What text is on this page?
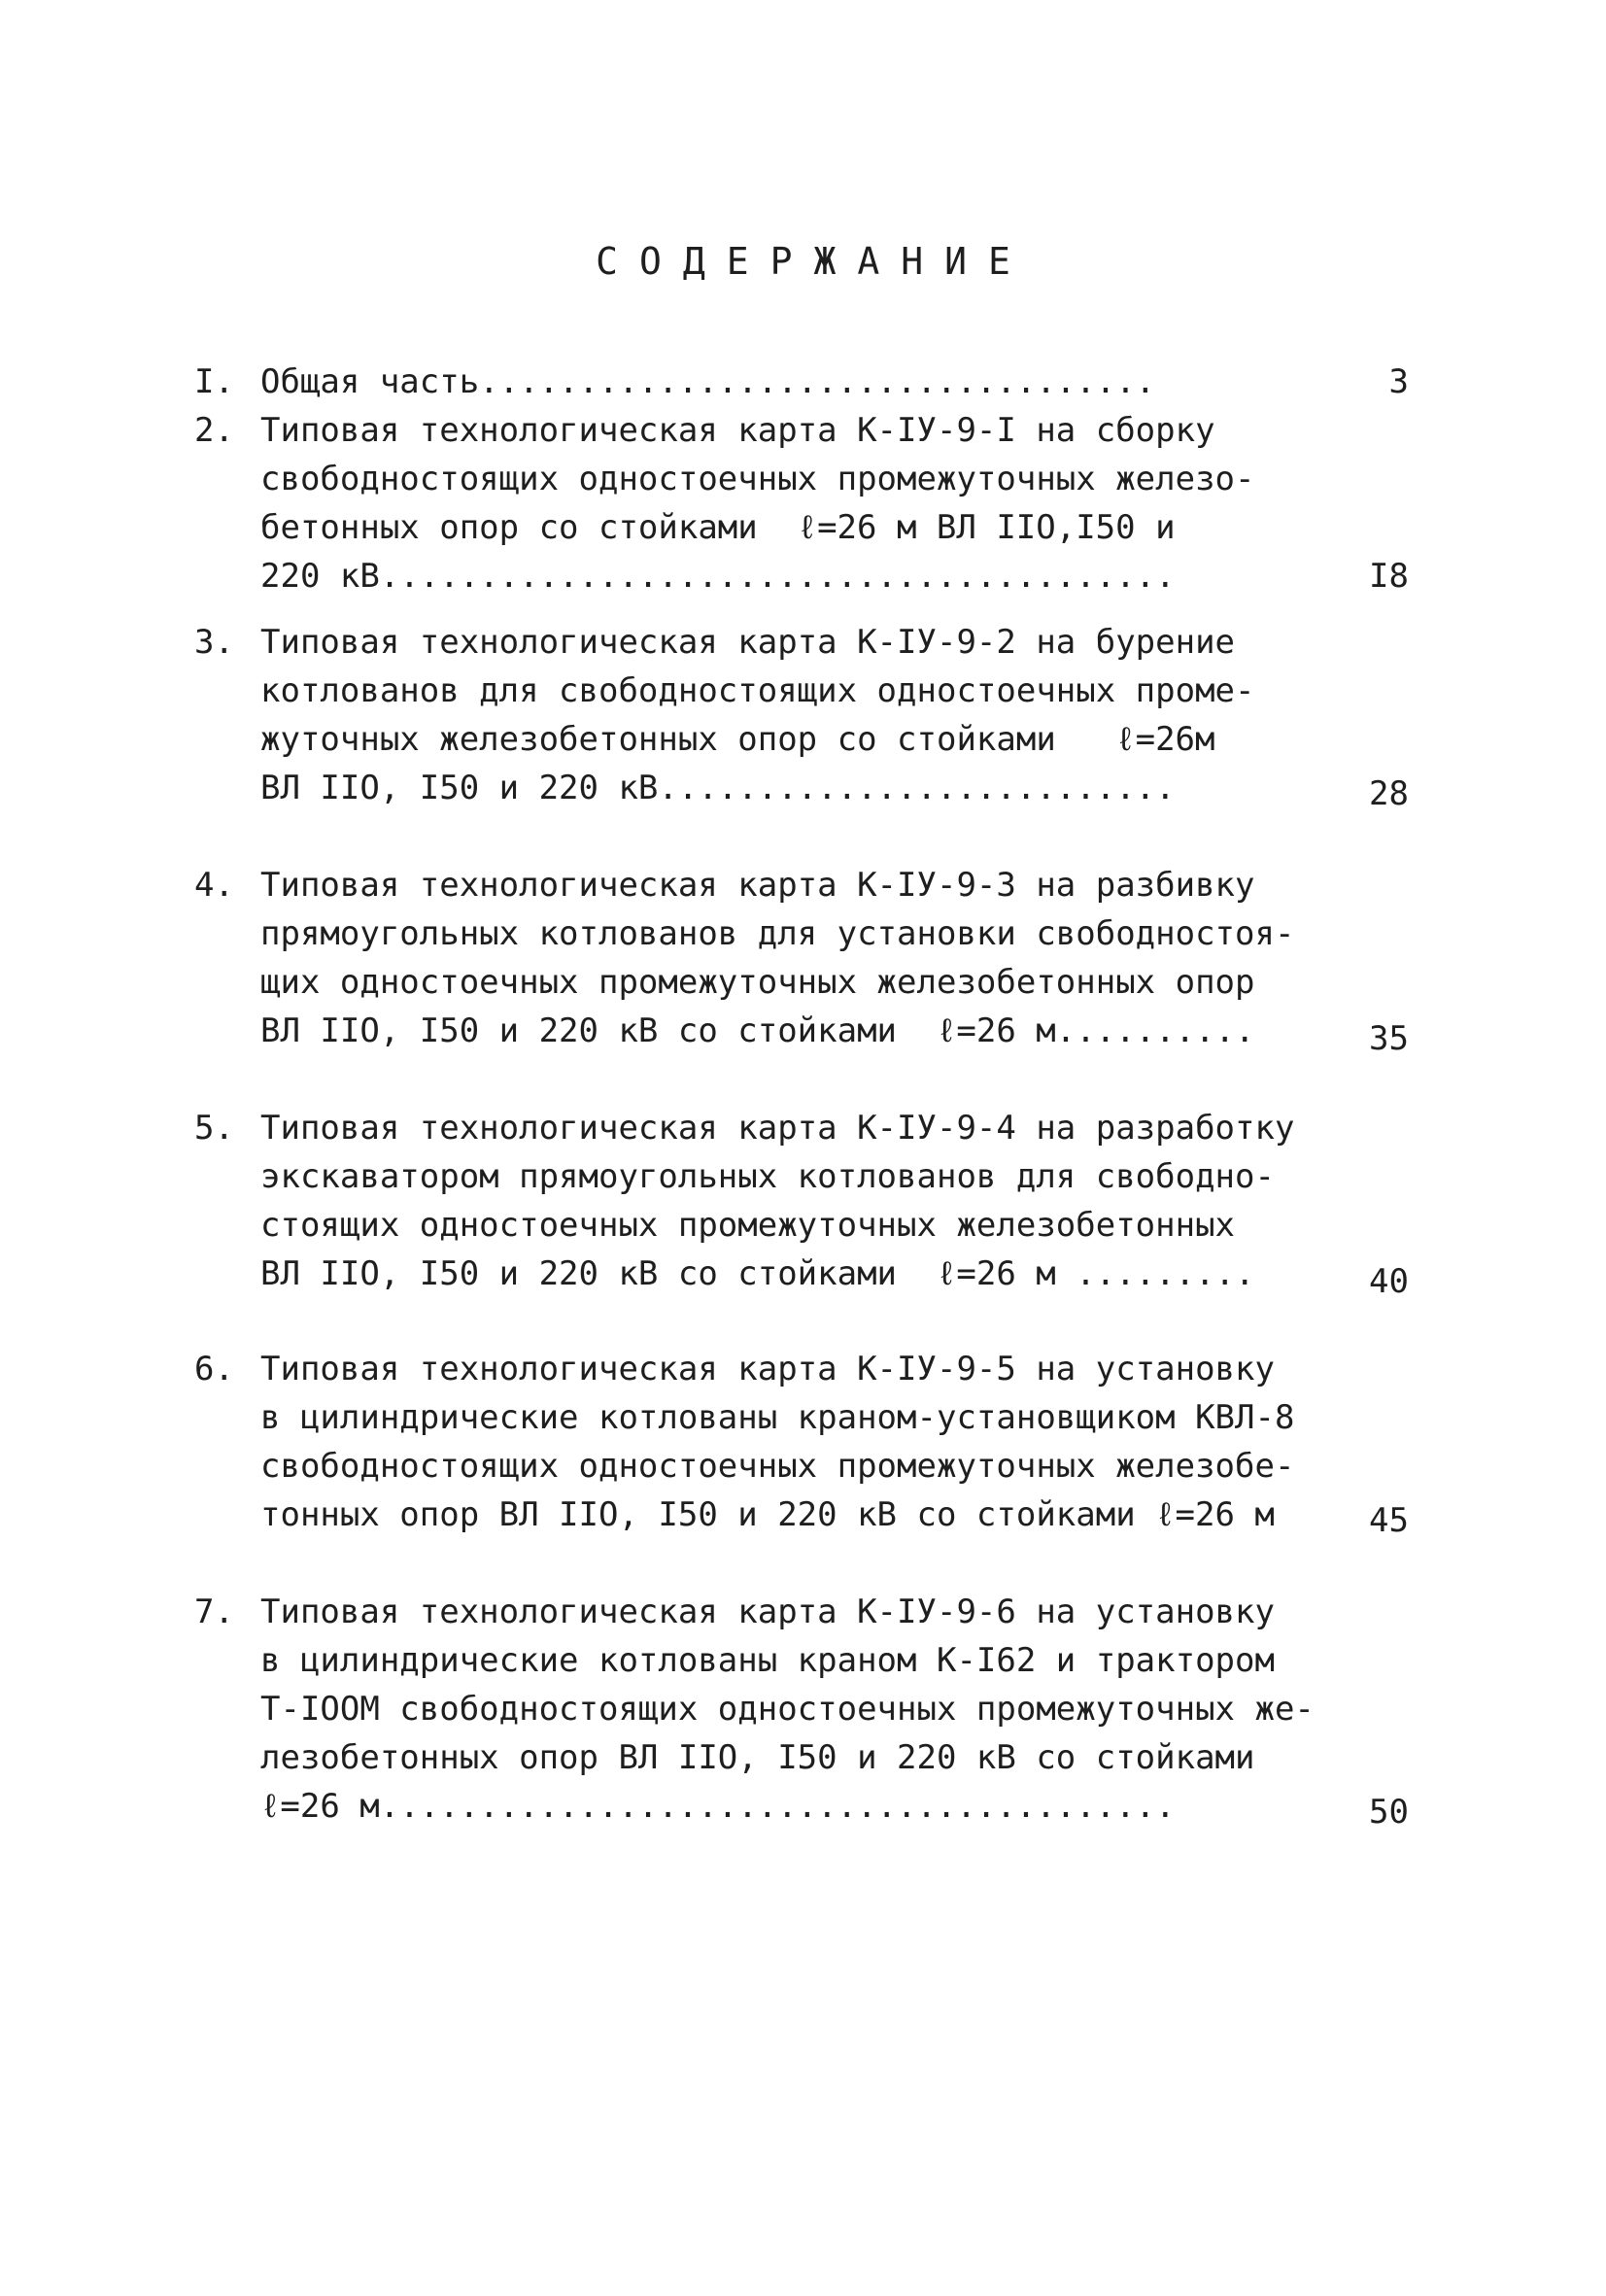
СОДЕРЖАНИЕ
I. Общая часть..................................	3
2. Типовая технологическая карта К-IУ-9-I на сборку
свободностоящих одностоечных промежуточных железо-
бетонных опор со стойками  ℓ=26 м ВЛ IIO,I50 и
220 кВ........................................	I8
3. Типовая технологическая карта К-IУ-9-2 на бурение
котлованов для свободностоящих одностоечных проме-
жуточных железобетонных опор со стойками   ℓ=26м
ВЛ IIO, I50 и 220 кВ..........................	28
4. Типовая технологическая карта К-IУ-9-3 на разбивку
прямоугольных котлованов для установки свободностоя-
щих одностоечных промежуточных железобетонных опор
ВЛ IIO, I50 и 220 кВ со стойками  ℓ=26 м..........	35
5. Типовая технологическая карта К-IУ-9-4 на разработку
экскаватором прямоугольных котлованов для свободно-
стоящих одностоечных промежуточных железобетонных
ВЛ IIO, I50 и 220 кВ со стойками  ℓ=26 м .........	40
6. Типовая технологическая карта К-IУ-9-5 на установку
в цилиндрические котлованы краном-установщиком КВЛ-8
свободностоящих одностоечных промежуточных железобе-
тонных опор ВЛ IIO, I50 и 220 кВ со стойками ℓ=26 м	45
7. Типовая технологическая карта К-IУ-9-6 на установку
в цилиндрические котлованы краном К-I62 и трактором
Т-IOOМ свободностоящих одностоечных промежуточных же-
лезобетонных опор ВЛ IIO, I50 и 220 кВ со стойками
ℓ=26 м........................................	50
